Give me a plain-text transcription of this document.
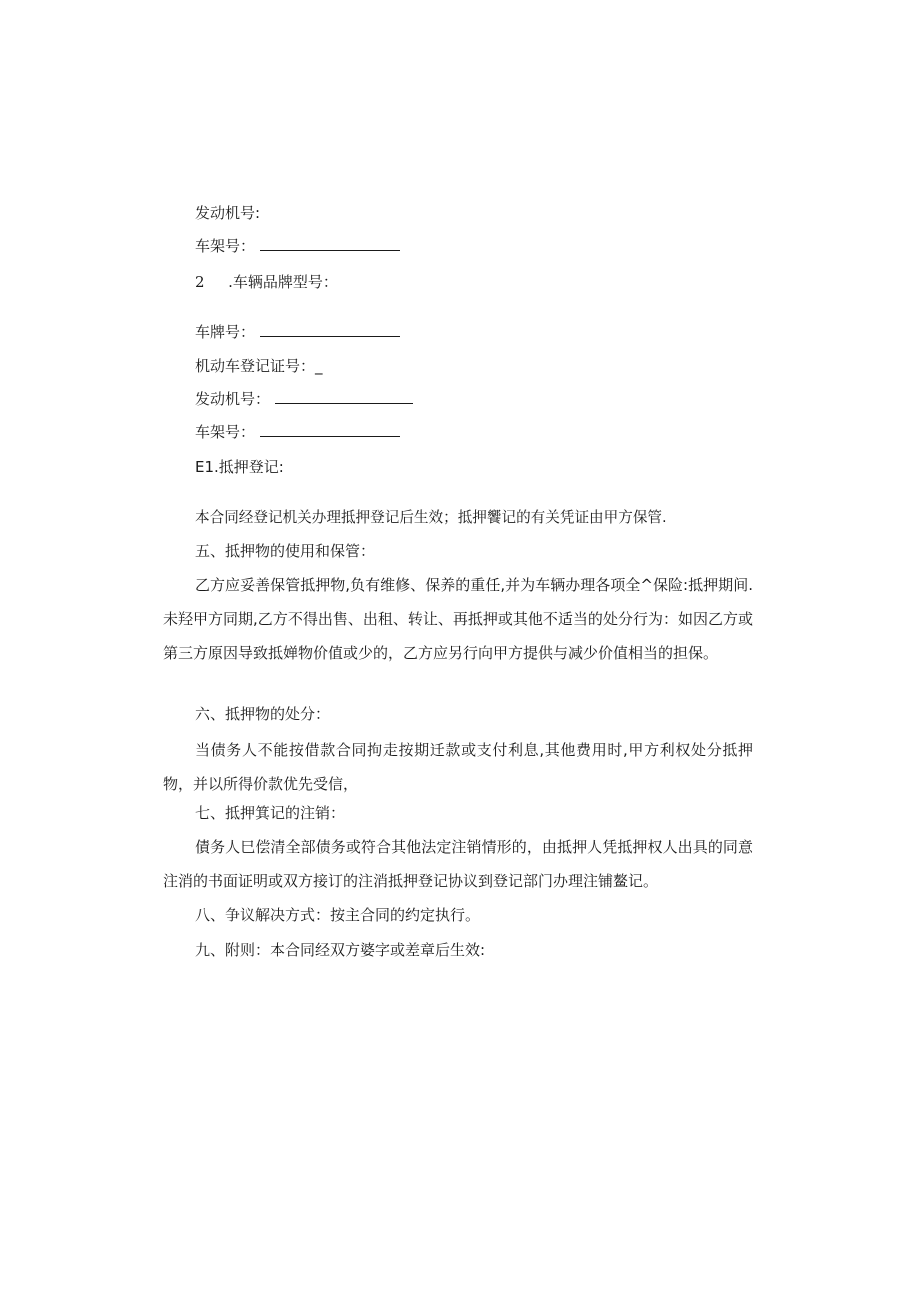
发动机号:
车架号：
2 .车辆品牌型号：
车牌号：
机动车登记证号：_
发动机号：
车架号：
E1.抵押登记:
本合同经登记机关办理抵押登记后生效；抵押饗记的有关凭证由甲方保管.
五、抵押物的使用和保管：
乙方应妥善保管抵押物,负有维修、保养的重任,并为车辆办理各项全^保险:抵押期间.未羟甲方同期,乙方不得出售、出租、转让、再抵押或其他不适当的处分行为：如因乙方或第三方原因导致抵婵物价值或少的，乙方应另行向甲方提供与减少价值相当的担保。
六、抵押物的处分：
当债务人不能按借款合同拘走按期迁款或支付利息,其他费用时,甲方利权处分抵押物，并以所得价款优先受信，
七、抵押箕记的注销：
債务人巳偿清全部债务或符合其他法定注销情形的，由抵押人凭抵押权人出具的同意注消的书面证明或双方接订的注消抵押登记协议到登记部门办理注铺鳌记。
八、争议解决方式：按主合同的约定执行。
九、附则：本合同经双方婆字或差章后生效:
